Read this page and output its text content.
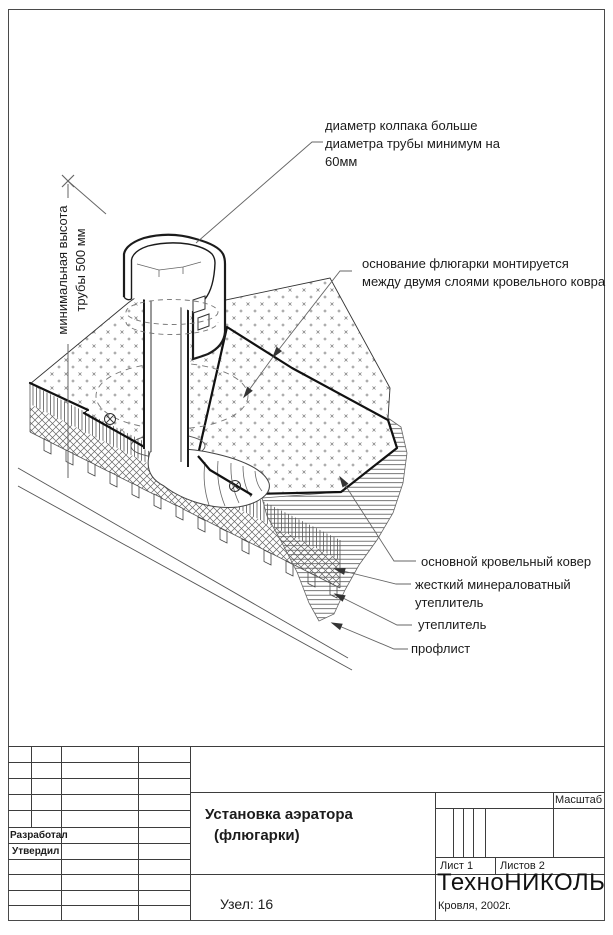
диаметр колпака больше
диаметра трубы минимум на
60мм
основание флюгарки монтируется
между двумя слоями кровельного ковра
минимальная высота трубы 500 мм
основной кровельный ковер
жесткий минераловатный
утеплитель
утеплитель
профлист
Разработал
Утвердил
Установка аэратора
(флюгарки)
Узел: 16
Масштаб
Лист 1 Листов 2
ТехноНИКОЛЬ
Кровля, 2002г.
